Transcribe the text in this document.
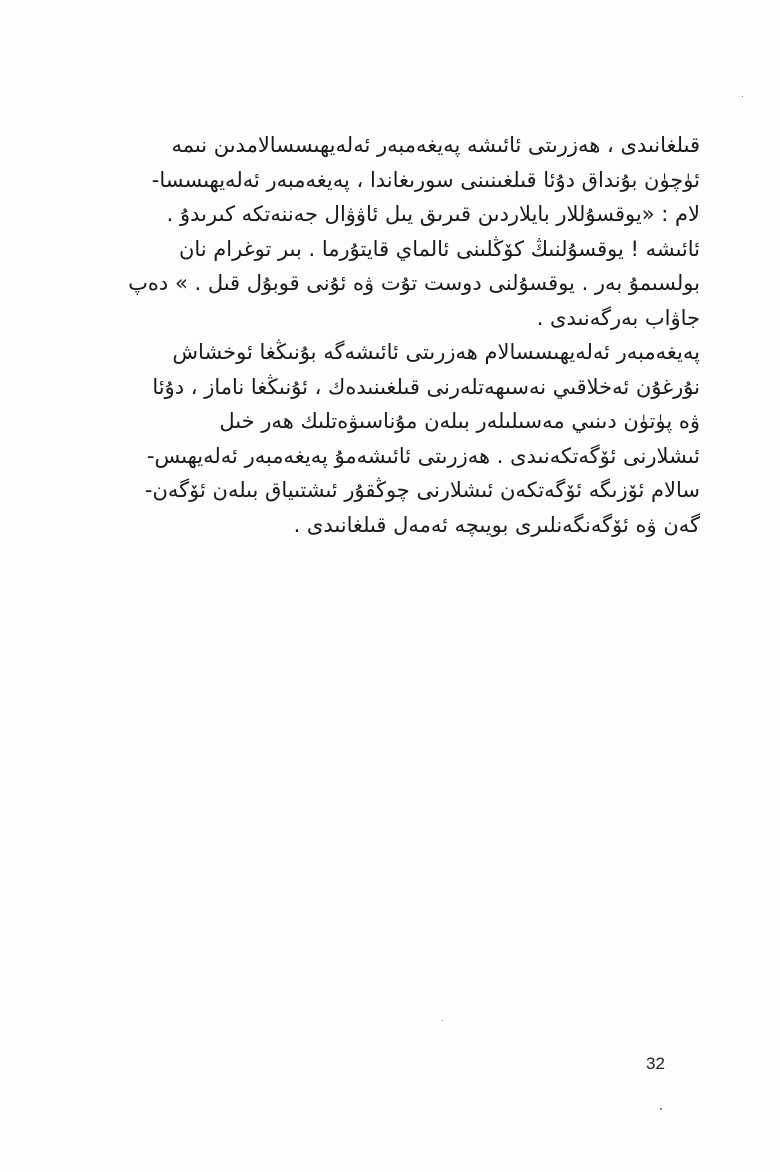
قىلغانىدى ، ھەزرىتى ئائىشە پەيغەمبەر ئەلەيھىسسالامدىن نىمە
ئۈچۈن بۇنداق دۇئا قىلغىنىنى سورىغاندا ، پەيغەمبەر ئەلەيھىسسا-
لام : «يوقسۇللار بايلاردىن قىرىق يىل ئاۋۋال جەننەتكە كىرىدۇ .
ئائىشە ! يوقسۇلنىڭ كۆڭلىنى ئالماي قايتۇرما . بىر توغرام نان
بولسىمۇ بەر . يوقسۇلنى دوست تۇت ۋە ئۇنى قوبۇل قىل . » دەپ
جاۋاب بەرگەنىدى .
پەيغەمبەر ئەلەيھىسسالام ھەزرىتى ئائىشەگە بۇنىڭغا ئوخشاش
نۇرغۇن ئەخلاقىي نەسىھەتلەرنى قىلغىنىدەك ، ئۇنىڭغا ناماز ، دۇئا
ۋە پۈتۈن دىنىي مەسىلىلەر بىلەن مۇناسىۋەتلىك ھەر خىل
ئىشلارنى ئۆگەتكەنىدى . ھەزرىتى ئائىشەمۇ پەيغەمبەر ئەلەيھىس-
سالام ئۆزىگە ئۆگەتكەن ئىشلارنى چوڭقۇر ئىشتىياق بىلەن ئۆگەن-
گەن ۋە ئۆگەنگەنلىرى بويىچە ئەمەل قىلغانىدى .
32
